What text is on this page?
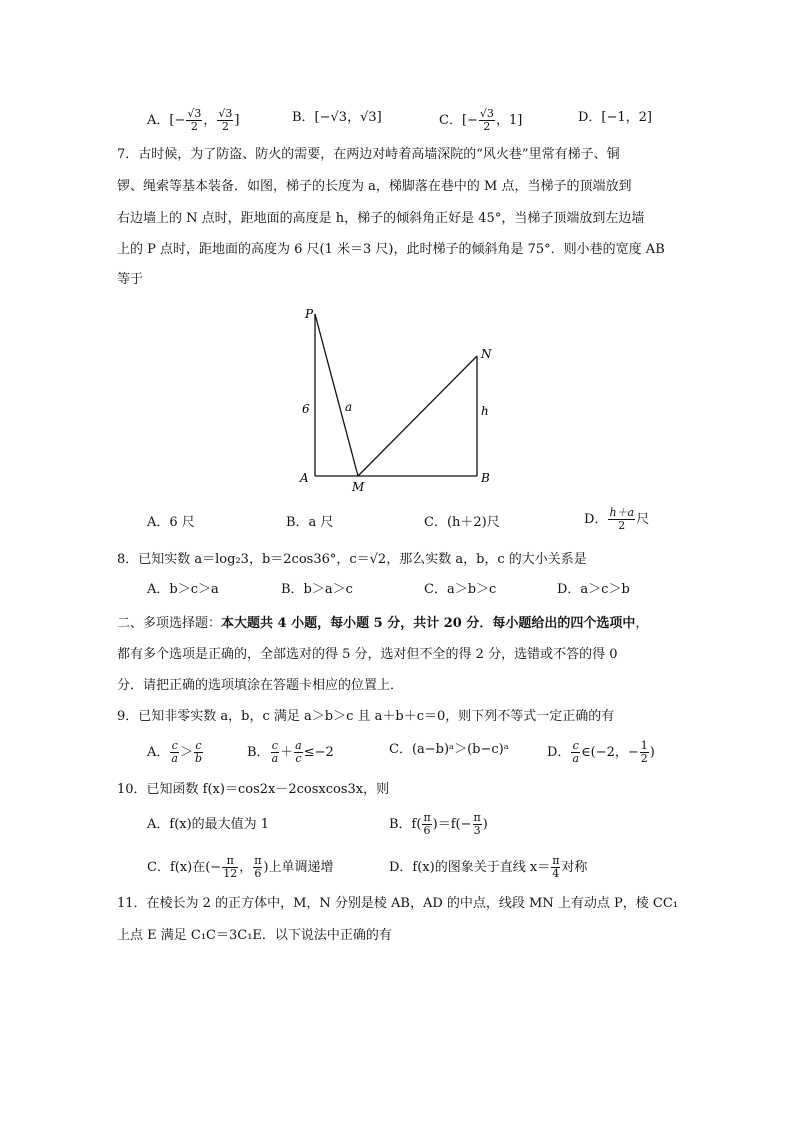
A．[− $\frac{√3}{2}$ ， $\frac{√3}{2}$ ]	B．[−√3，√3]	C．[− $\frac{√3}{2}$ ，1]	D．[−1，2]
7．古时候，为了防盗、防火的需要，在两边对峙着高墙深院的“风火巷”里常有梯子、铜
锣、绳索等基本装备．如图，梯子的长度为 a，梯脚落在巷中的 M 点，当梯子的顶端放到
右边墙上的 N 点时，距地面的高度是 h，梯子的倾斜角正好是 45°，当梯子顶端放到左边墙
上的 P 点时，距地面的高度为 6 尺(1 米＝3 尺)，此时梯子的倾斜角是 75°．则小巷的宽度 AB
等于
P
N
A
M
B
6	a	h
A．6 尺	B．a 尺	C．(h＋2)尺	D． $\frac{h+a}{2}$ 尺
8．已知实数 a＝log₂3，b＝2cos36°，c＝√2，那么实数 a，b，c 的大小关系是
A．b＞c＞a	B．b＞a＞c	C．a＞b＞c	D．a＞c＞b
二、多项选择题：本大题共 4 小题，每小题 5 分，共计 20 分．每小题给出的四个选项中，
都有多个选项是正确的，全部选对的得 5 分，选对但不全的得 2 分，选错或不答的得 0
分．请把正确的选项填涂在答题卡相应的位置上．
9．已知非零实数 a，b，c 满足 a＞b＞c 且 a＋b＋c＝0，则下列不等式一定正确的有
A． $\frac{c}{a} > \frac{c}{b}$	B． $\frac{c}{a} + \frac{a}{c} \le-2$	C．(a−b)ᵃ＞(b−c)ᵃ	D． $\frac{c}{a}$ ∈(−2，− $\frac{1}{2}$ )
10．已知函数 f(x)＝cos2x－2cosxcos3x，则
A．f(x)的最大值为 1	B．$f( \frac{\pi}{6} )=f(- \frac{\pi}{3}$ )
C．f(x)在(− $\frac{\pi}{12}$ ， $\frac{\pi}{6}$ )上单调递增	D．f(x)的图象关于直线 $x= \frac{\pi}{4}$ 对称
11．在棱长为 2 的正方体中，M，N 分别是棱 AB，AD 的中点，线段 MN 上有动点 P，棱 CC₁
上点 E 满足 C₁C＝3C₁E．以下说法中正确的有
